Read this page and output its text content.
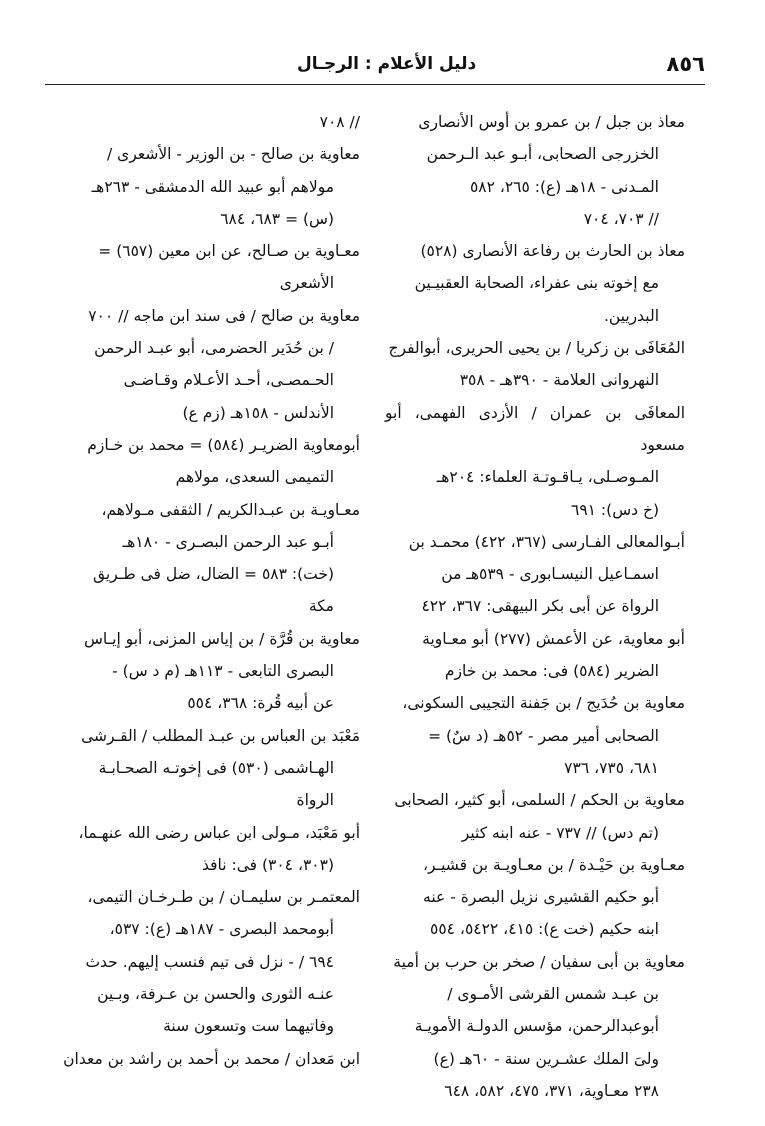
٨٥٦
دليل الأعلام : الرجـال

معاذ بن جبل / بن عمرو بن أوس الأنصارى
الخزرجى الصحابى، أبـو عبد الـرحمن
المـدنى - ١٨هـ (ع): ٢٦٥، ٥٨٢
// ٧٠٣، ٧٠٤

معاذ بن الحارث بن رفاعة الأنصارى (٥٢٨)
مع إخوته بنى عفراء، الصحابة العقبيـين
البدريين.

المُعَافَى بن زكريا / بن يحيى الحريرى، أبوالفرج
النهروانى العلامة - ٣٩٠هـ - ٣٥٨

المعافَى بن عمران / الأزدى الفهمى، أبو مسعود
المـوصـلى، يـاقـوتـة العلماء: ٢٠٤هـ
(خ دس): ٦٩١

أبـوالمعالى الفـارسى (٣٦٧، ٤٢٢) محمـد بن
اسمـاعيل النيسـابورى - ٥٣٩هـ من
الرواة عن أبى بكر البيهقى: ٣٦٧، ٤٢٢

أبو معاوية، عن الأعمش (٢٧٧) أبو معـاوية
الضرير (٥٨٤) فى: محمد بن خازم

معاوية بن حُدَيج / بن جَفنة التجيبى السكونى،
الصحابى أمير مصر - ٥٢هـ (د سٌ) =
٦٨١، ٧٣٥، ٧٣٦

معاوية بن الحكم / السلمى، أبو كثير، الصحابى
(تم دس) // ٧٣٧ - عنه ابنه كثير

معـاوية بن حَيْـدة / بن معـاويـة بن قشيـر،
أبو حكيم القشيرى نزيل البصرة - عنه
ابنه حكيم (خت ع): ٤١٥، ٥٤٢٢، ٥٥٤

معاوية بن أبى سفيان / صخر بن حرب بن أمية
بن عبـد شمس القرشى الأمـوى /
أبوعبدالرحمن، مؤسس الدولـة الأمويـة
ولىَ الملك عشـرين سنة - ٦٠هـ (ع)
٢٣٨ معـاوية، ٣٧١، ٤٧٥، ٥٨٢، ٦٤٨

// ٧٠٨

معاوية بن صالح - بن الوزير - الأشعرى /
مولاهم أبو عبيد الله الدمشقى - ٢٦٣هـ
(س) = ٦٨٣، ٦٨٤

معـاوية بن صـالح، عن ابن معين (٦٥٧) =
الأشعرى

معاوية بن صالح / فى سند ابن ماجه // ٧٠٠
/ بن حُدَير الحضرمى، أبو عبـد الرحمن
الحـمصـى، أحـد الأعـلام وقـاضـى
الأندلس - ١٥٨هـ (زم ع)

أبومعاوية الضريـر (٥٨٤) = محمد بن خـازم
التميمى السعدى، مولاهم

معـاويـة بن عبـدالكريم / الثقفى مـولاهم،
أبـو عبد الرحمن البصـرى - ١٨٠هـ
(خت): ٥٨٣ = الضال، ضل فى طـريق
مكة

معاوية بن قُرَّة / بن إياس المزنى، أبو إيـاس
البصرى التابعى - ١١٣هـ (م د س) -
عن أبيه قُرة: ٣٦٨، ٥٥٤

مَعْبَد بن العباس بن عبـد المطلب / القـرشى
الهـاشمى (٥٣٠) فى إخوتـه الصحـابـة
الرواة

أبو مَعْبَد، مـولى ابن عباس رضى الله عنهـما،
(٣٠٣، ٣٠٤) فى: نافذ

المعتمـر بن سليمـان / بن طـرخـان التيمى،
أبومحمد البصرى - ١٨٧هـ (ع): ٥٣٧،
٦٩٤ / - نزل فى تيم فنسب إليهم. حدث
عنـه الثورى والحسن بن عـرفة، وبـين
وفاتيهما ست وتسعون سنة

ابن مَعدان / محمد بن أحمد بن راشد بن معدان
